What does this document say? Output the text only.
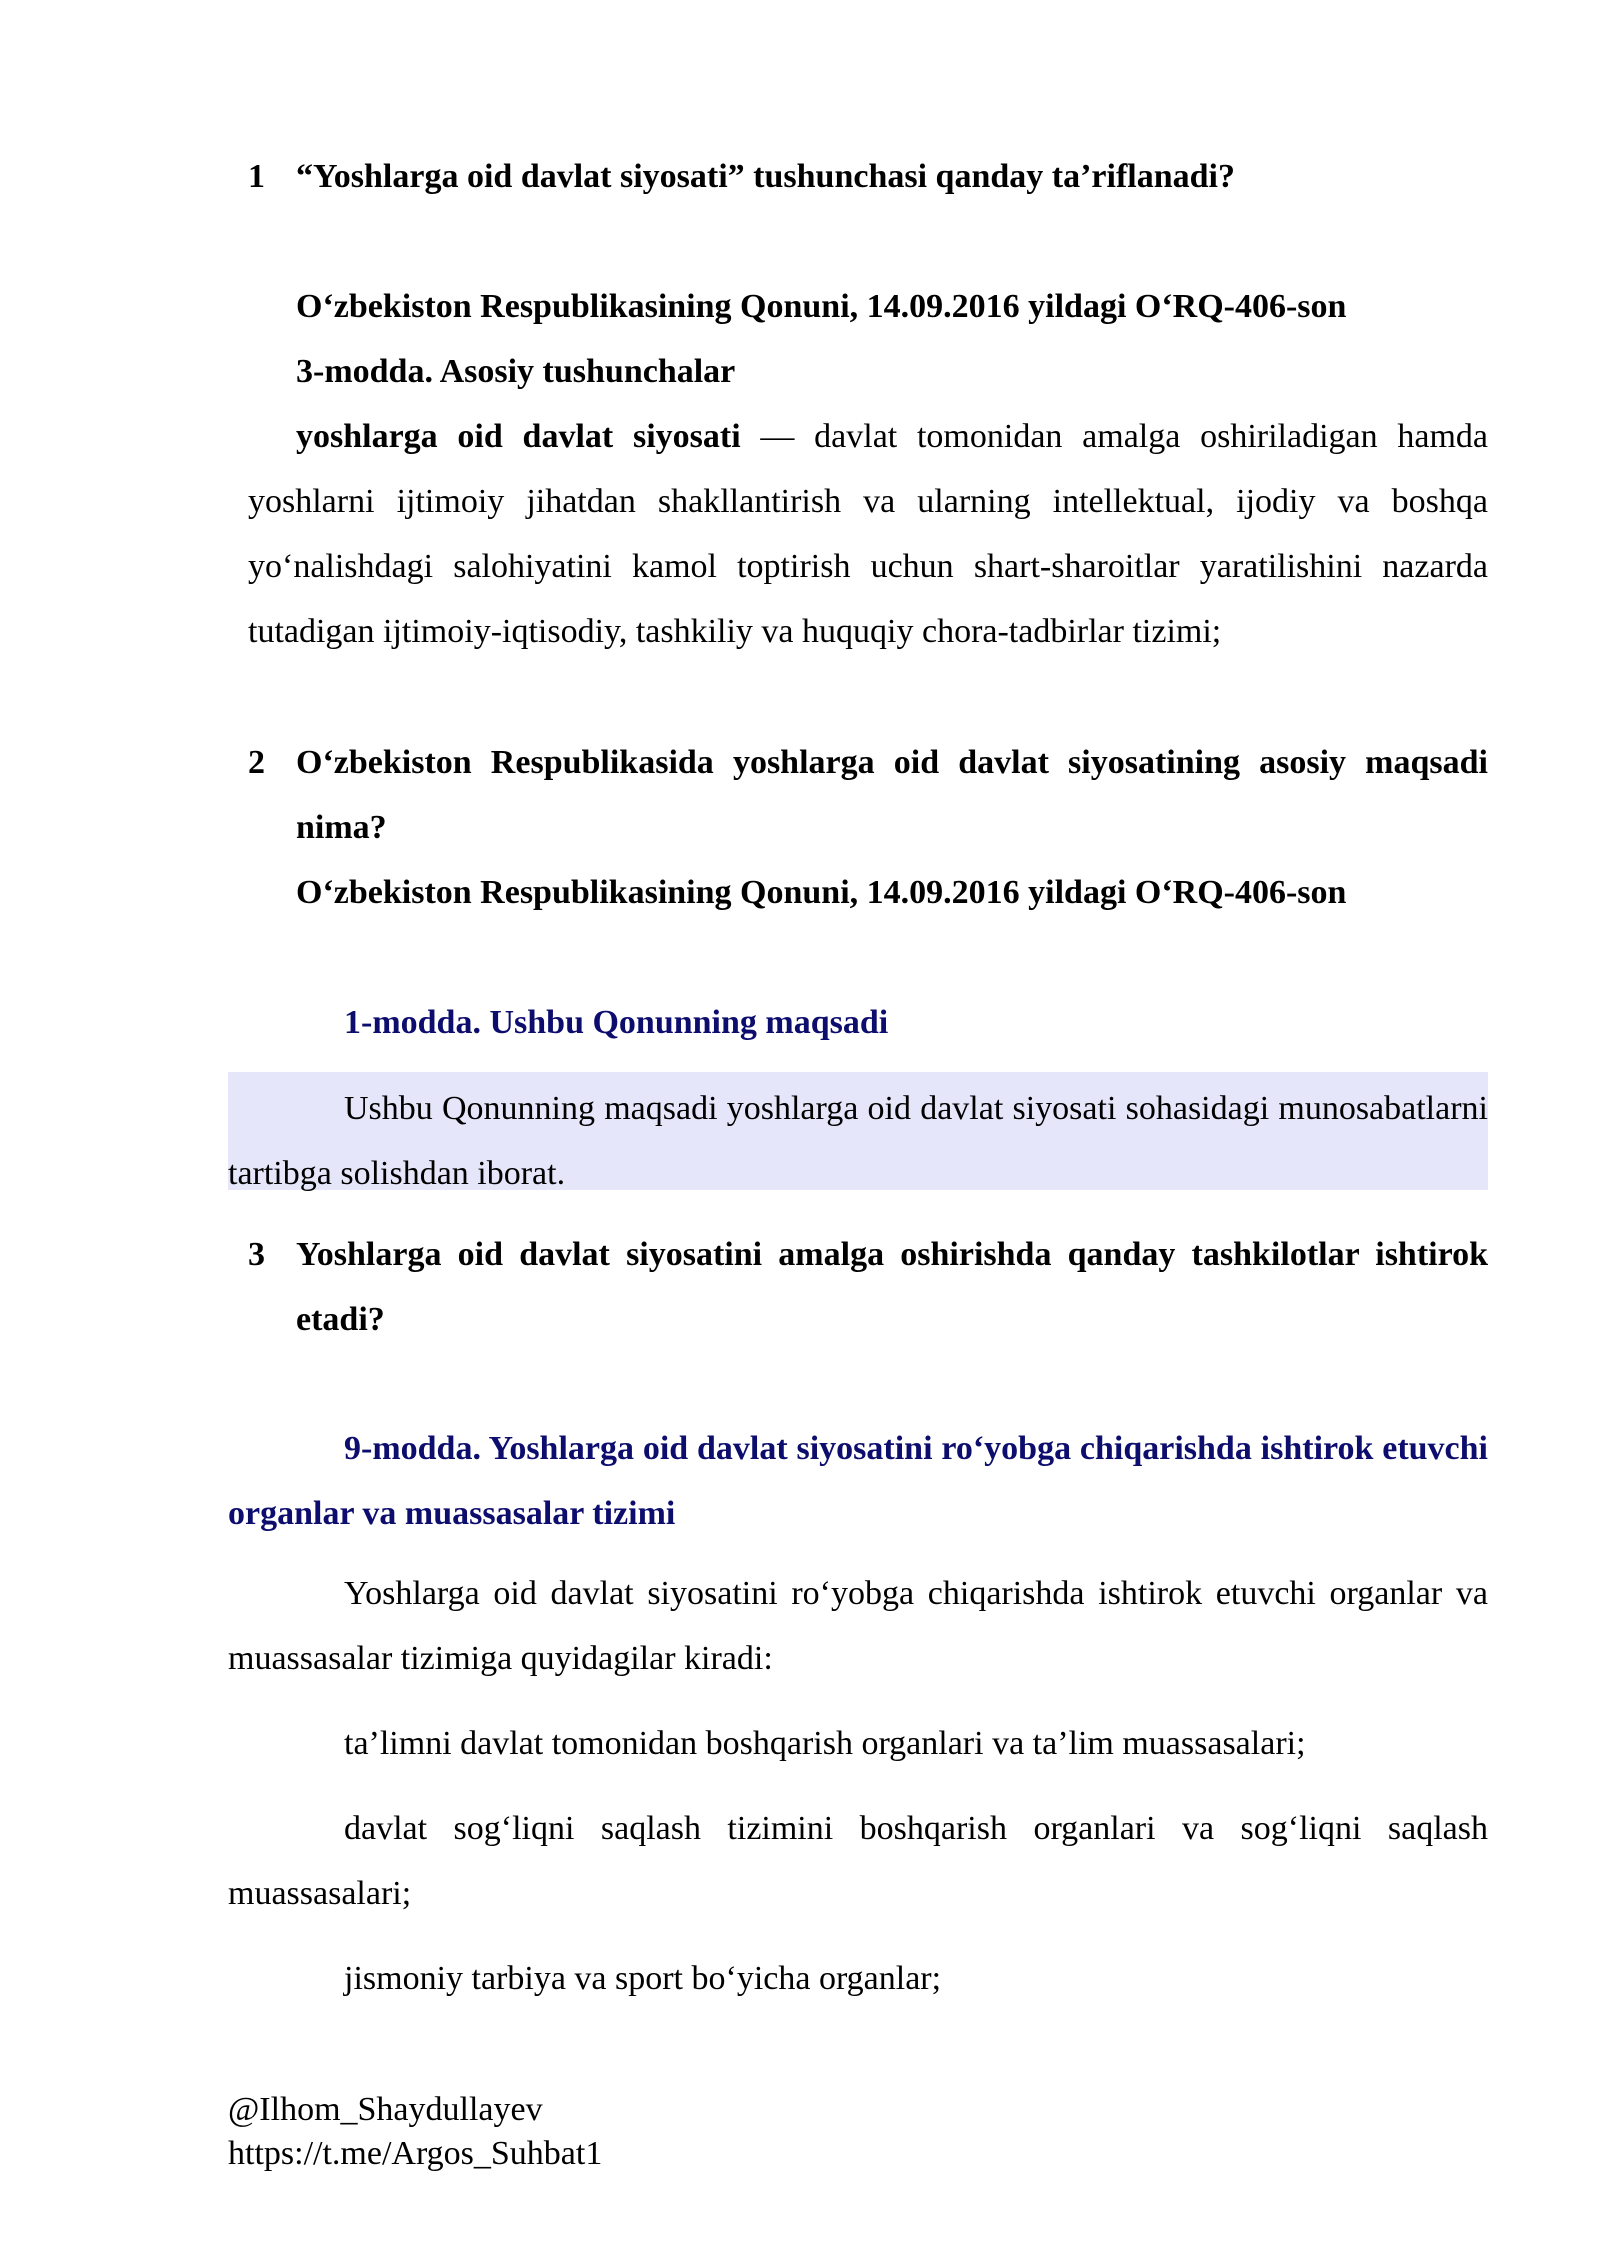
1 “Yoshlarga oid davlat siyosati” tushunchasi qanday ta’riflanadi?

O‘zbekiston Respublikasining Qonuni, 14.09.2016 yildagi O‘RQ-406-son

3-modda. Asosiy tushunchalar

yoshlarga oid davlat siyosati — davlat tomonidan amalga oshiriladigan hamda yoshlarni ijtimoiy jihatdan shakllantirish va ularning intellektual, ijodiy va boshqa yo‘nalishdagi salohiyatini kamol toptirish uchun shart-sharoitlar yaratilishini nazarda tutadigan ijtimoiy-iqtisodiy, tashkiliy va huquqiy chora-tadbirlar tizimi;

2 O‘zbekiston Respublikasida yoshlarga oid davlat siyosatining asosiy maqsadi nima?

O‘zbekiston Respublikasining Qonuni, 14.09.2016 yildagi O‘RQ-406-son

1-modda. Ushbu Qonunning maqsadi

Ushbu Qonunning maqsadi yoshlarga oid davlat siyosati sohasidagi munosabatlarni tartibga solishdan iborat.

3 Yoshlarga oid davlat siyosatini amalga oshirishda qanday tashkilotlar ishtirok etadi?

9-modda. Yoshlarga oid davlat siyosatini ro‘yobga chiqarishda ishtirok etuvchi organlar va muassasalar tizimi

Yoshlarga oid davlat siyosatini ro‘yobga chiqarishda ishtirok etuvchi organlar va muassasalar tizimiga quyidagilar kiradi:

ta’limni davlat tomonidan boshqarish organlari va ta’lim muassasalari;

davlat sog‘liqni saqlash tizimini boshqarish organlari va sog‘liqni saqlash muassasalari;

jismoniy tarbiya va sport bo‘yicha organlar;

@Ilhom_Shaydullayev

https://t.me/Argos_Suhbat1
